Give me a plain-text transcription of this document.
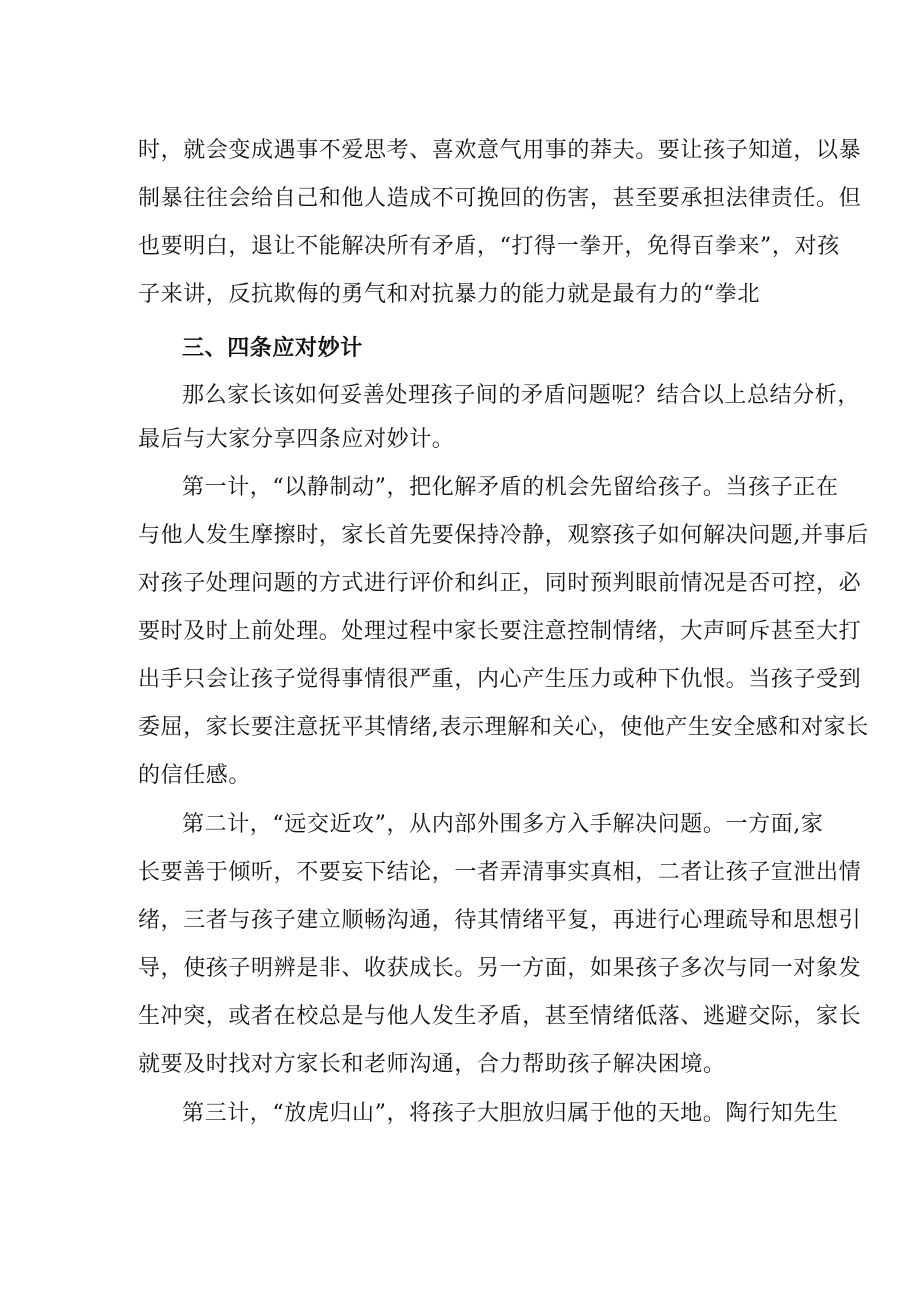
时，就会变成遇事不爱思考、喜欢意气用事的莽夫。要让孩子知道，以暴
制暴往往会给自己和他人造成不可挽回的伤害，甚至要承担法律责任。但
也要明白，退让不能解决所有矛盾，“打得一拳开，免得百拳来”，对孩
子来讲，反抗欺侮的勇气和对抗暴力的能力就是最有力的“拳北
三、四条应对妙计
那么家长该如何妥善处理孩子间的矛盾问题呢？结合以上总结分析，
最后与大家分享四条应对妙计。
第一计，“以静制动”，把化解矛盾的机会先留给孩子。当孩子正在
与他人发生摩擦时，家长首先要保持冷静，观察孩子如何解决问题,并事后
对孩子处理问题的方式进行评价和纠正，同时预判眼前情况是否可控，必
要时及时上前处理。处理过程中家长要注意控制情绪，大声呵斥甚至大打
出手只会让孩子觉得事情很严重，内心产生压力或种下仇恨。当孩子受到
委屈，家长要注意抚平其情绪,表示理解和关心，使他产生安全感和对家长
的信任感。
第二计，“远交近攻”，从内部外围多方入手解决问题。一方面,家
长要善于倾听，不要妄下结论，一者弄清事实真相，二者让孩子宣泄出情
绪，三者与孩子建立顺畅沟通，待其情绪平复，再进行心理疏导和思想引
导，使孩子明辨是非、收获成长。另一方面，如果孩子多次与同一对象发
生冲突，或者在校总是与他人发生矛盾，甚至情绪低落、逃避交际，家长
就要及时找对方家长和老师沟通，合力帮助孩子解决困境。
第三计，“放虎归山”，将孩子大胆放归属于他的天地。陶行知先生
